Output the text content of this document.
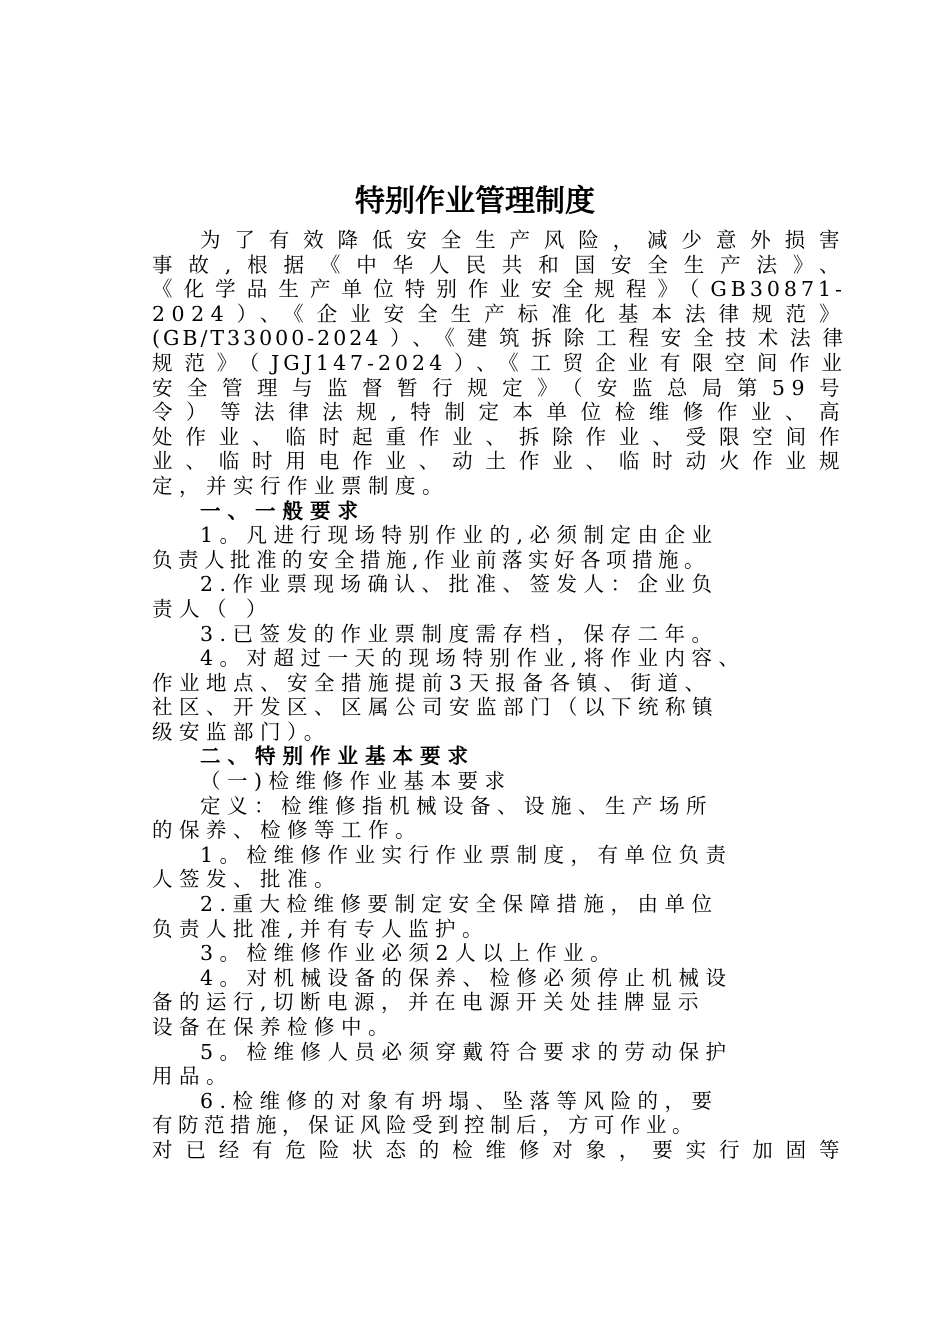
特别作业管理制度
为了有效降低安全生产风险，减少意外损害
事故,根据《中华人民共和国安全生产法》、
《化学品生产单位特别作业安全规程》（GB30871-
2024）、《企业安全生产标准化基本法律规范》
(GB/T33000-2024）、《建筑拆除工程安全技术法律
规范》（JGJ147-2024）、《工贸企业有限空间作业
安全管理与监督暂行规定》（安监总局第59号
令）等法律法规,特制定本单位检维修作业、高
处作业、临时起重作业、拆除作业、受限空间作
业、临时用电作业、动土作业、临时动火作业规
定，并实行作业票制度。
一、一般要求
1。凡进行现场特别作业的,必须制定由企业
负责人批准的安全措施,作业前落实好各项措施。
2.作业票现场确认、批准、签发人：企业负
责人（ ）
3.已签发的作业票制度需存档，保存二年。
4。对超过一天的现场特别作业,将作业内容、
作业地点、安全措施提前3天报备各镇、街道、
社区、开发区、区属公司安监部门（以下统称镇
级安监部门）。
二、特别作业基本要求
（一)检维修作业基本要求
定义：检维修指机械设备、设施、生产场所
的保养、检修等工作。
1。检维修作业实行作业票制度，有单位负责
人签发、批准。
2.重大检维修要制定安全保障措施，由单位
负责人批准,并有专人监护。
3。检维修作业必须2人以上作业。
4。对机械设备的保养、检修必须停止机械设
备的运行,切断电源，并在电源开关处挂牌显示
设备在保养检修中。
5。检维修人员必须穿戴符合要求的劳动保护
用品。
6.检维修的对象有坍塌、坠落等风险的，要
有防范措施，保证风险受到控制后，方可作业。
对已经有危险状态的检维修对象，要实行加固等
